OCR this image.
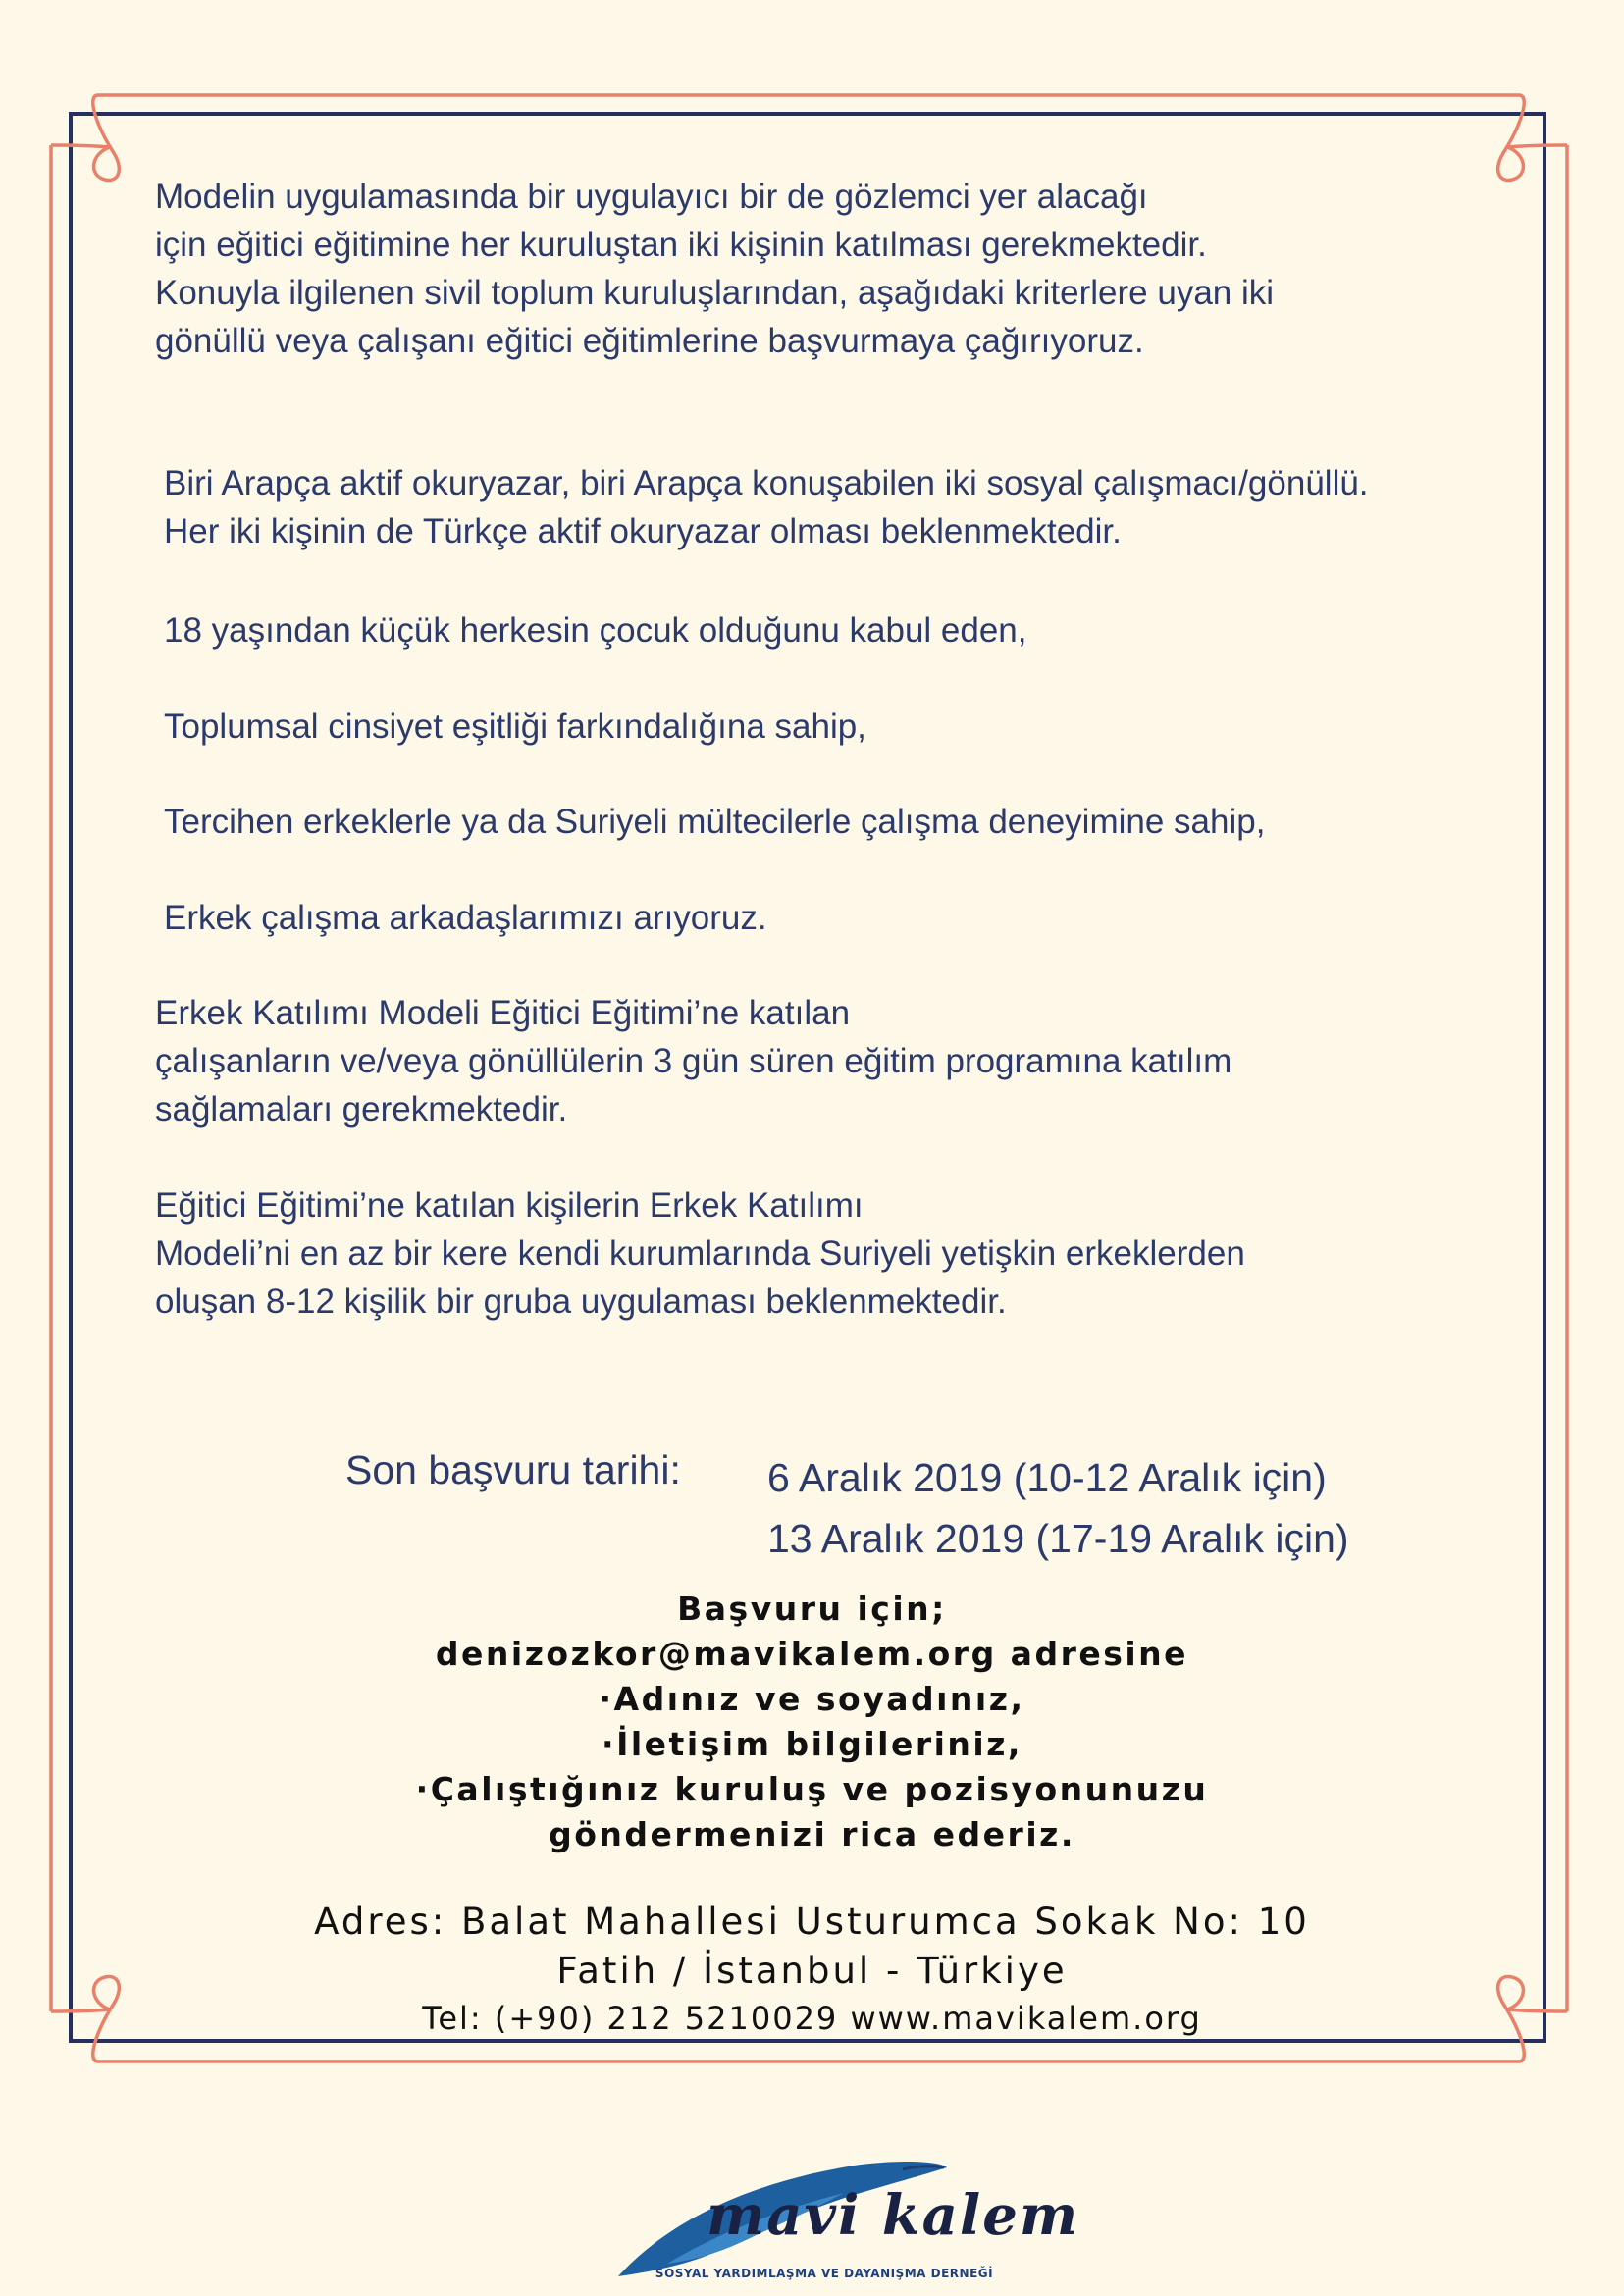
Modelin uygulamasında bir uygulayıcı bir de gözlemci yer alacağı
için eğitici eğitimine her kuruluştan iki kişinin katılması gerekmektedir.
Konuyla ilgilenen sivil toplum kuruluşlarından, aşağıdaki kriterlere uyan iki
gönüllü veya çalışanı eğitici eğitimlerine başvurmaya çağırıyoruz.
Biri Arapça aktif okuryazar, biri Arapça konuşabilen iki sosyal çalışmacı/gönüllü.
Her iki kişinin de Türkçe aktif okuryazar olması beklenmektedir.
18 yaşından küçük herkesin çocuk olduğunu kabul eden,
Toplumsal cinsiyet eşitliği farkındalığına sahip,
Tercihen erkeklerle ya da Suriyeli mültecilerle çalışma deneyimine sahip,
Erkek çalışma arkadaşlarımızı arıyoruz.
Erkek Katılımı Modeli Eğitici Eğitimi’ne katılan
çalışanların ve/veya gönüllülerin 3 gün süren eğitim programına katılım
sağlamaları gerekmektedir.
Eğitici Eğitimi’ne katılan kişilerin Erkek Katılımı
Modeli’ni en az bir kere kendi kurumlarında Suriyeli yetişkin erkeklerden
oluşan 8-12 kişilik bir gruba uygulaması beklenmektedir.
Son başvuru tarihi: 6 Aralık 2019 (10-12 Aralık için)
13 Aralık 2019 (17-19 Aralık için)
Başvuru için;
denizozkor@mavikalem.org adresine
·Adınız ve soyadınız,
·İletişim bilgileriniz,
·Çalıştığınız kuruluş ve pozisyonunuzu
göndermenizi rica ederiz.
Adres: Balat Mahallesi Usturumca Sokak No: 10
Fatih / İstanbul - Türkiye
Tel: (+90) 212 5210029 www.mavikalem.org
mavi kalem
SOSYAL YARDIMLAŞMA VE DAYANIŞMA DERNEĞİ
